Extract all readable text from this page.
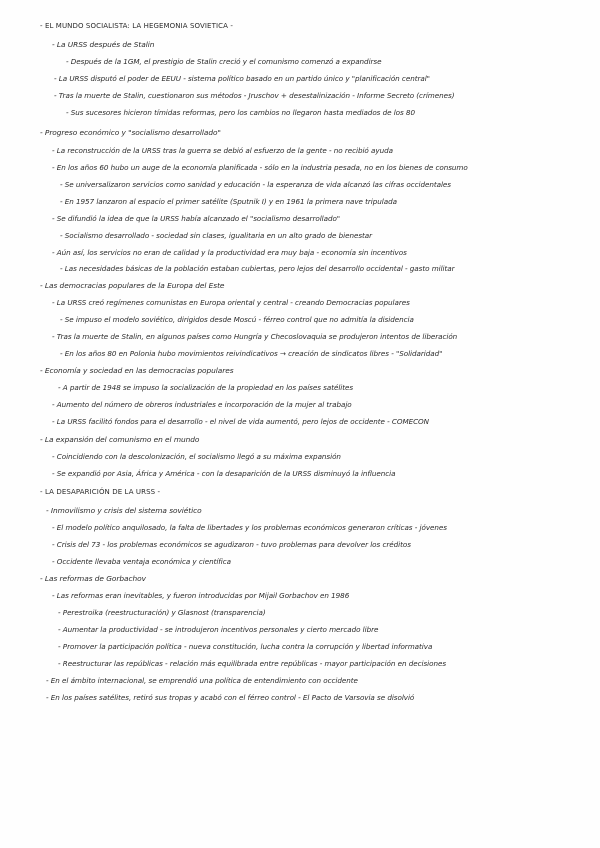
- EL MUNDO SOCIALISTA: LA HEGEMONIA SOVIETICA -
- La URSS después de Stalin
- Después de la 1GM, el prestigio de Stalin creció y el comunismo comenzó a expandirse
- La URSS disputó el poder de EEUU - sistema político basado en un partido único y "planificación central"
- Tras la muerte de Stalin, cuestionaron sus métodos - Jruschov + desestalinización - Informe Secreto (crímenes)
- Sus sucesores hicieron tímidas reformas, pero los cambios no llegaron hasta mediados de los 80
- Progreso económico y "socialismo desarrollado"
- La reconstrucción de la URSS tras la guerra se debió al esfuerzo de la gente - no recibió ayuda
- En los años 60 hubo un auge de la economía planificada - sólo en la industria pesada, no en los bienes de consumo
- Se universalizaron servicios como sanidad y educación - la esperanza de vida alcanzó las cifras occidentales
- En 1957 lanzaron al espacio el primer satélite (Sputnik I) y en 1961 la primera nave tripulada
- Se difundió la idea de que la URSS había alcanzado el "socialismo desarrollado"
- Socialismo desarrollado - sociedad sin clases, igualitaria en un alto grado de bienestar
- Aún así, los servicios no eran de calidad y la productividad era muy baja - economía sin incentivos
- Las necesidades básicas de la población estaban cubiertas, pero lejos del desarrollo occidental - gasto militar
- Las democracias populares de la Europa del Este
- La URSS creó regímenes comunistas en Europa oriental y central - creando Democracias populares
- Se impuso el modelo soviético, dirigidos desde Moscú - férreo control que no admitía la disidencia
- Tras la muerte de Stalin, en algunos países como Hungría y Checoslovaquia se produjeron intentos de liberación
- En los años 80 en Polonia hubo movimientos reivindicativos → creación de sindicatos libres - "Solidaridad"
- Economía y sociedad en las democracias populares
- A partir de 1948 se impuso la socialización de la propiedad en los países satélites
- Aumento del número de obreros industriales e incorporación de la mujer al trabajo
- La URSS facilitó fondos para el desarrollo - el nivel de vida aumentó, pero lejos de occidente - COMECON
- La expansión del comunismo en el mundo
- Coincidiendo con la descolonización, el socialismo llegó a su máxima expansión
- Se expandió por Asia, África y América - con la desaparición de la URSS disminuyó la influencia
- LA DESAPARICIÓN DE LA URSS -
- Inmovilismo y crisis del sistema soviético
- El modelo político anquilosado, la falta de libertades y los problemas económicos generaron críticas - jóvenes
- Crisis del 73 - los problemas económicos se agudizaron - tuvo problemas para devolver los créditos
- Occidente llevaba ventaja económica y científica
- Las reformas de Gorbachov
- Las reformas eran inevitables, y fueron introducidas por Mijail Gorbachov en 1986
- Perestroika (reestructuración) y Glasnost (transparencia)
- Aumentar la productividad - se introdujeron incentivos personales y cierto mercado libre
- Promover la participación política - nueva constitución, lucha contra la corrupción y libertad informativa
- Reestructurar las repúblicas - relación más equilibrada entre repúblicas - mayor participación en decisiones
- En el ámbito internacional, se emprendió una política de entendimiento con occidente
- En los países satélites, retiró sus tropas y acabó con el férreo control - El Pacto de Varsovia se disolvió
